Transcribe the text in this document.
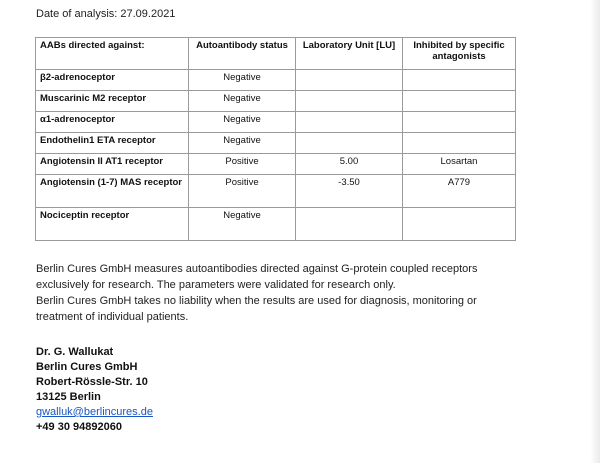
Date of analysis: 27.09.2021
AABs directed against:	Autoantibody status	Laboratory Unit [LU]	Inhibited by specific antagonists
β2-adrenoceptor	Negative		
Muscarinic M2 receptor	Negative		
α1-adrenoceptor	Negative		
Endothelin1 ETA receptor	Negative		
Angiotensin II AT1 receptor	Positive	5.00	Losartan
Angiotensin (1-7) MAS receptor	Positive	-3.50	A779
Nociceptin receptor	Negative		

Berlin Cures GmbH measures autoantibodies directed against G-protein coupled receptors exclusively for research. The parameters were validated for research only.

Berlin Cures GmbH takes no liability when the results are used for diagnosis, monitoring or treatment of individual patients.

Dr. G. Wallukat
Berlin Cures GmbH
Robert-Rössle-Str. 10
13125 Berlin
gwalluk@berlincures.de
+49 30 94892060
